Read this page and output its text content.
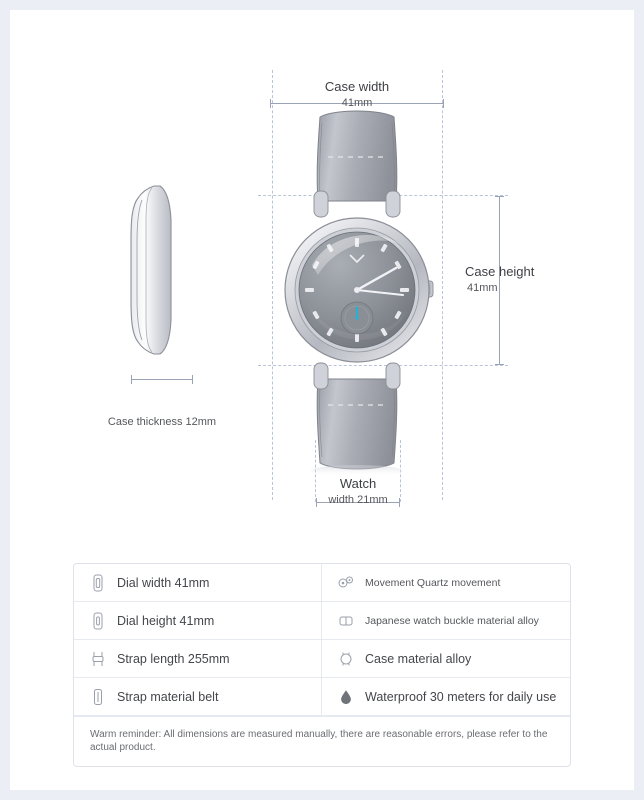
Case width
41mm
Case height
41mm
Case thickness 12mm
Watch
width 21mm
Dial width 41mm	Movement Quartz movement
Dial height 41mm	Japanese watch buckle material alloy
Strap length 255mm	Case material alloy
Strap material belt	Waterproof 30 meters for daily use
Warm reminder: All dimensions are measured manually, there are reasonable errors, please refer to the actual product.
